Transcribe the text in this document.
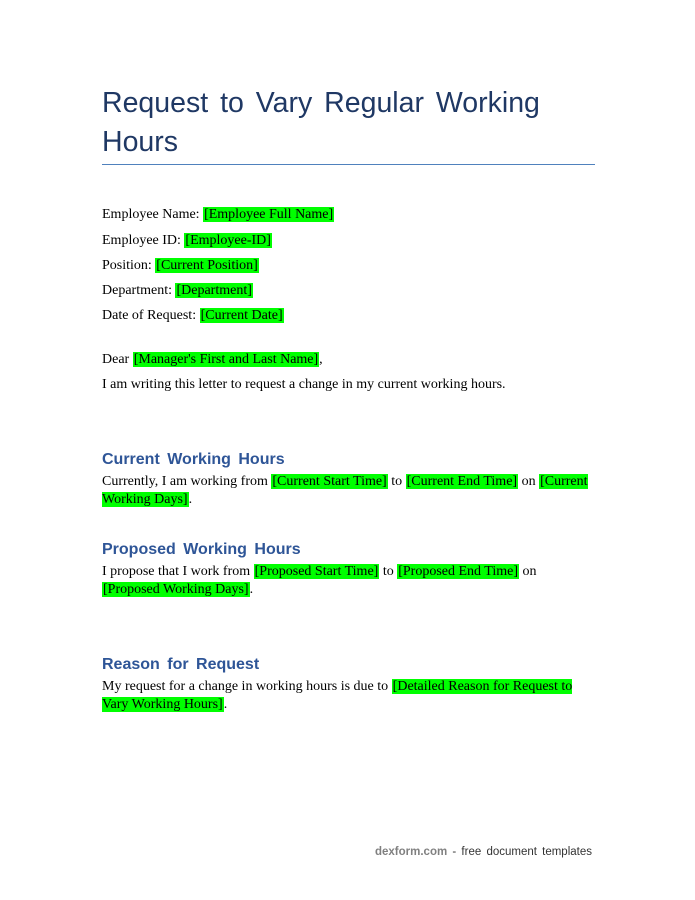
Request to Vary Regular Working Hours
Employee Name: [Employee Full Name]
Employee ID: [Employee-ID]
Position: [Current Position]
Department: [Department]
Date of Request: [Current Date]
Dear [Manager's First and Last Name],
I am writing this letter to request a change in my current working hours.
Current Working Hours

Currently, I am working from [Current Start Time] to [Current End Time] on [Current Working Days].

Proposed Working Hours

I propose that I work from [Proposed Start Time] to [Proposed End Time] on [Proposed Working Days].

Reason for Request

My request for a change in working hours is due to [Detailed Reason for Request to Vary Working Hours].

dexform.com - free document templates
